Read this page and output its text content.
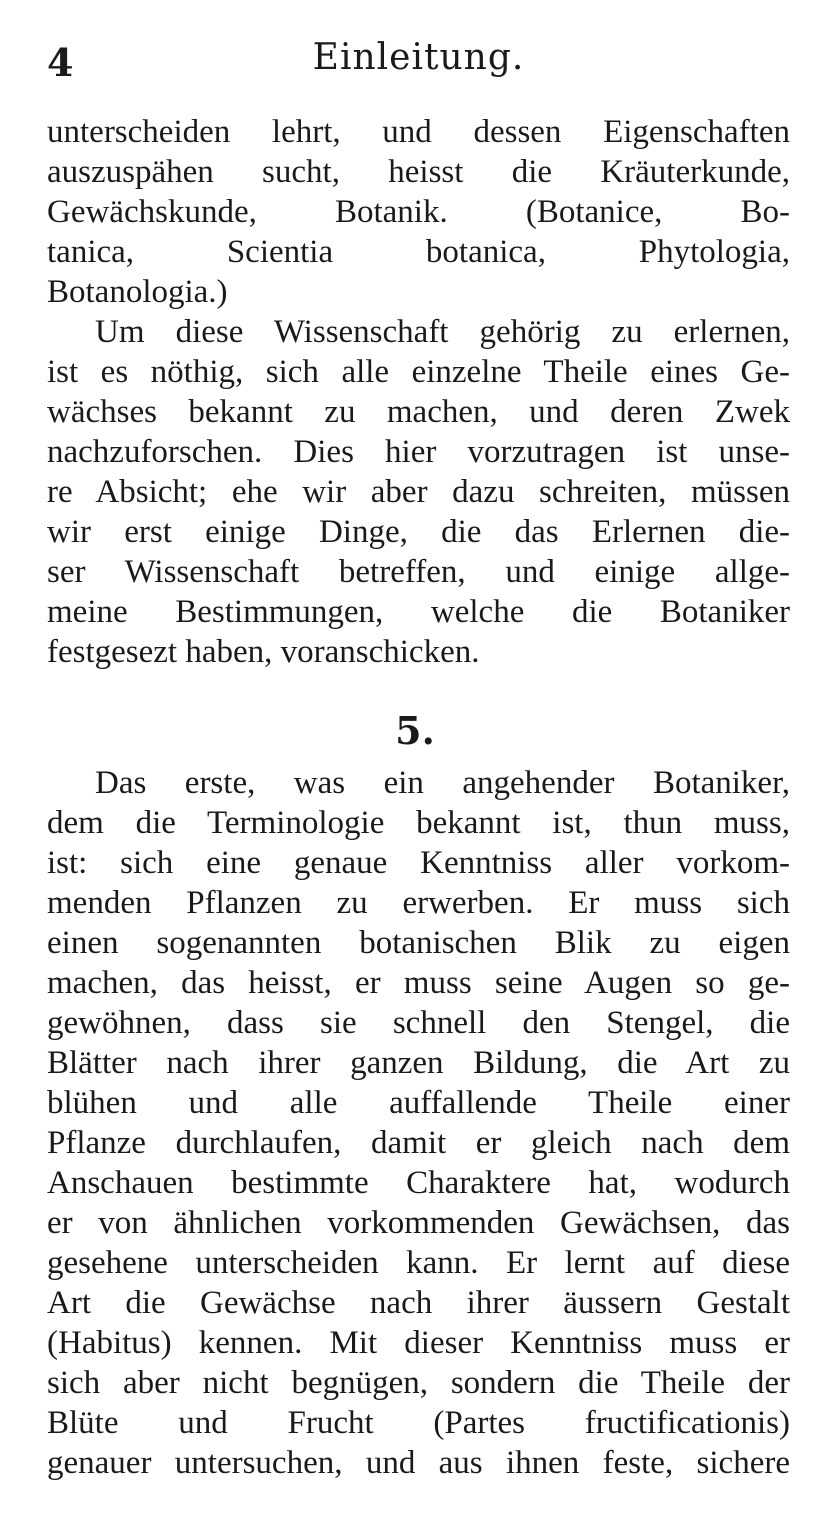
4	Einleitung.
unterscheiden lehrt, und dessen Eigenschaften
auszuspähen sucht, heisst die Kräuterkunde,
Gewächskunde, Botanik. (Botanice, Bo-
tanica, Scientia botanica, Phytologia,
Botanologia.)
Um diese Wissenschaft gehörig zu erlernen,
ist es nöthig, sich alle einzelne Theile eines Ge-
wächses bekannt zu machen, und deren Zwek
nachzuforschen. Dies hier vorzutragen ist unse-
re Absicht; ehe wir aber dazu schreiten, müssen
wir erst einige Dinge, die das Erlernen die-
ser Wissenschaft betreffen, und einige allge-
meine Bestimmungen, welche die Botaniker
festgesezt haben, voranschicken.
5.
Das erste, was ein angehender Botaniker,
dem die Terminologie bekannt ist, thun muss,
ist: sich eine genaue Kenntniss aller vorkom-
menden Pflanzen zu erwerben. Er muss sich
einen sogenannten botanischen Blik zu eigen
machen, das heisst, er muss seine Augen so ge-
gewöhnen, dass sie schnell den Stengel, die
Blätter nach ihrer ganzen Bildung, die Art zu
blühen und alle auffallende Theile einer
Pflanze durchlaufen, damit er gleich nach dem
Anschauen bestimmte Charaktere hat, wodurch
er von ähnlichen vorkommenden Gewächsen, das
gesehene unterscheiden kann. Er lernt auf diese
Art die Gewächse nach ihrer äussern Gestalt
(Habitus) kennen. Mit dieser Kenntniss muss er
sich aber nicht begnügen, sondern die Theile der
Blüte und Frucht (Partes fructificationis)
genauer untersuchen, und aus ihnen feste, sichere
